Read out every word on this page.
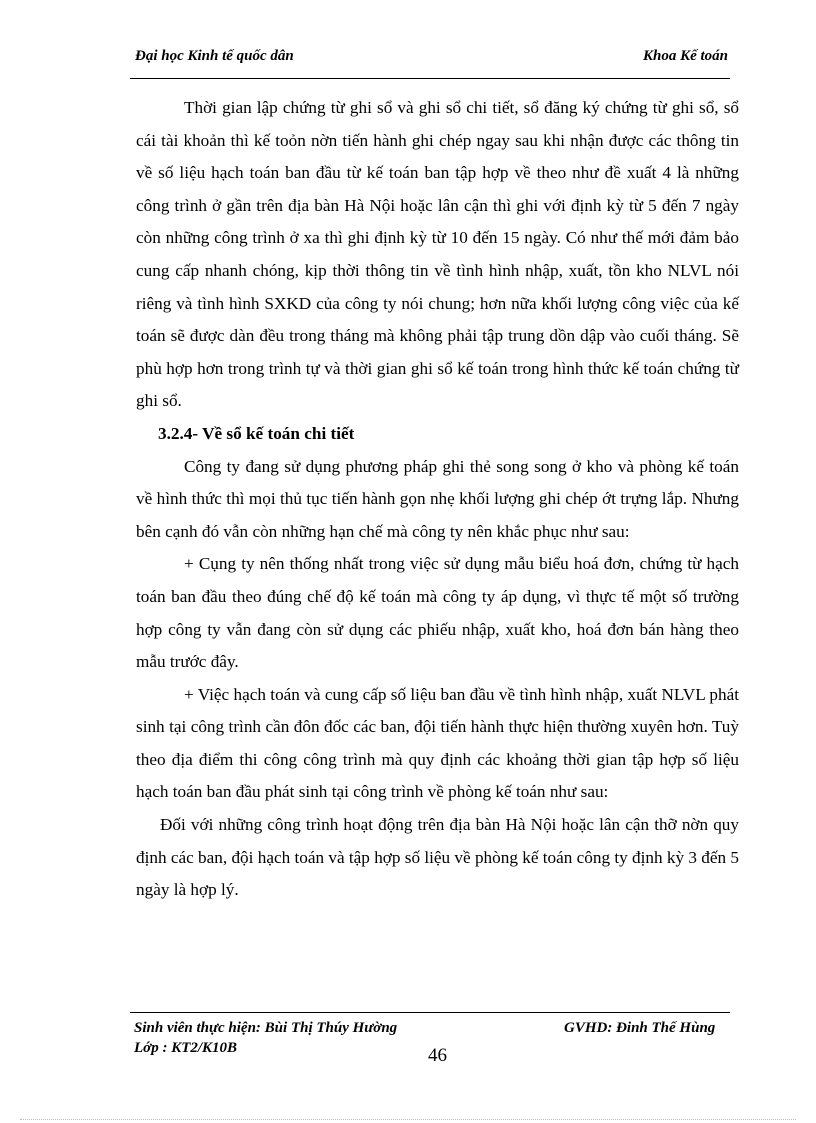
Đại học Kinh tế quốc dân	Khoa Kế toán

Thời gian lập chứng từ ghi sổ và ghi sổ chi tiết, sổ đăng ký chứng từ ghi sổ, sổ cái tài khoản thì kế toỏn nờn tiến hành ghi chép ngay sau khi nhận được các thông tin về số liệu hạch toán ban đầu từ kế toán ban tập hợp về theo như đề xuất 4 là những công trình ở gần trên địa bàn Hà Nội hoặc lân cận thì ghi với định kỳ từ 5 đến 7 ngày còn những công trình ở xa thì ghi định kỳ từ 10 đến 15 ngày. Có như thế mới đảm bảo cung cấp nhanh chóng, kịp thời thông tin về tình hình nhập, xuất, tồn kho NLVL nói riêng và tình hình SXKD của công ty nói chung; hơn nữa khối lượng công việc của kế toán sẽ được dàn đều trong tháng mà không phải tập trung dồn dập vào cuối tháng. Sẽ phù hợp hơn trong trình tự và thời gian ghi sổ kế toán trong hình thức kế toán chứng từ ghi sổ.

3.2.4- Về sổ kế toán chi tiết

Công ty đang sử dụng phương pháp ghi thẻ song song ở kho và phòng kế toán về hình thức thì mọi thủ tục tiến hành gọn nhẹ khối lượng ghi chép ớt trựng lắp. Nhưng bên cạnh đó vẫn còn những hạn chế mà công ty nên khắc phục như sau:

+ Cụng ty nên thống nhất trong việc sử dụng mẫu biểu hoá đơn, chứng từ hạch toán ban đầu theo đúng chế độ kế toán mà công ty áp dụng, vì thực tế một số trường hợp công ty vẫn đang còn sử dụng các phiếu nhập, xuất kho, hoá đơn bán hàng theo mẫu trước đây.

+ Việc hạch toán và cung cấp số liệu ban đầu về tình hình nhập, xuất NLVL phát sinh tại công trình cần đôn đốc các ban, đội tiến hành thực hiện thường xuyên hơn. Tuỳ theo địa điểm thi công công trình mà quy định các khoảng thời gian tập hợp số liệu hạch toán ban đầu phát sinh tại công trình về phòng kế toán như sau:

Đối với những công trình hoạt động trên địa bàn Hà Nội hoặc lân cận thỡ nờn quy định các ban, đội hạch toán và tập hợp số liệu về phòng kế toán công ty định kỳ 3 đến 5 ngày là hợp lý.

Sinh viên thực hiện: Bùi Thị Thúy Hường
Lớp : KT2/K10B
GVHD: Đinh Thế Hùng
46
